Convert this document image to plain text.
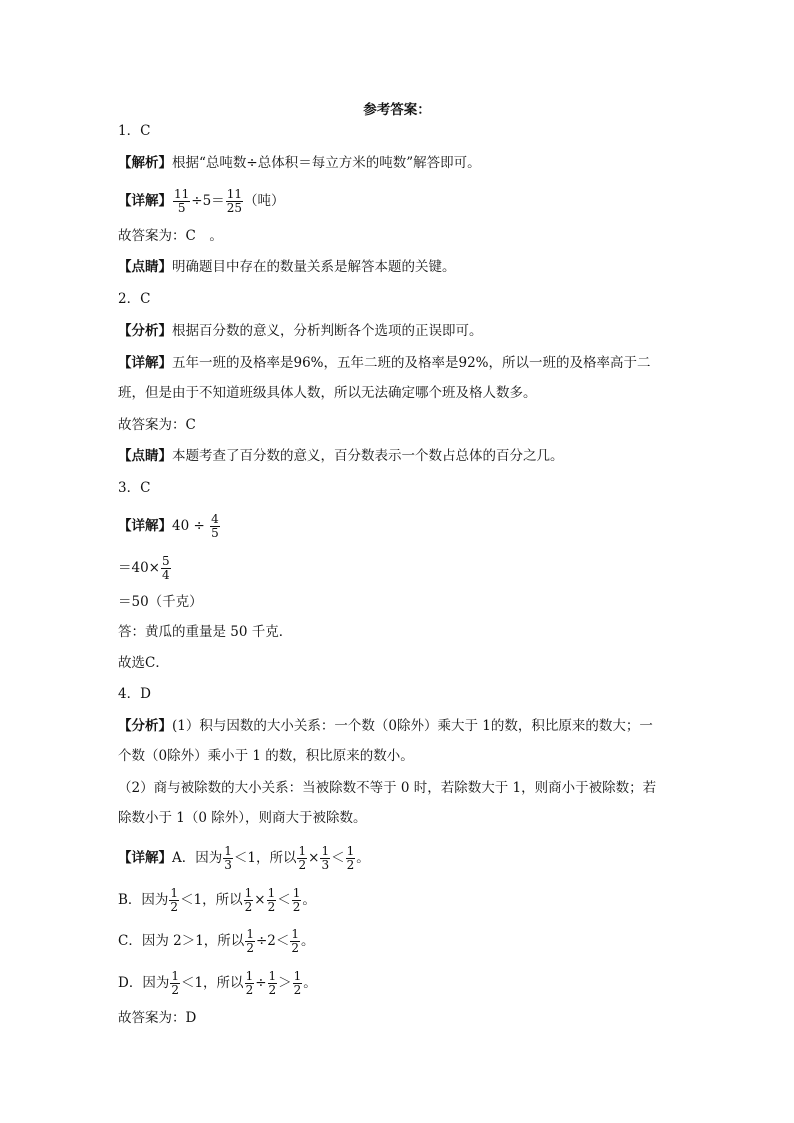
参考答案：
1．C
【解析】根据“总吨数÷总体积＝每立方米的吨数”解答即可。
【详解】 $\frac{11}{5} \div 5= \frac{11}{25}$ （吨）
故答案为：C　。
【点睛】明确题目中存在的数量关系是解答本题的关键。
2．C
【分析】根据百分数的意义，分析判断各个选项的正误即可。
【详解】五年一班的及格率是96%，五年二班的及格率是92%，所以一班的及格率高于二
班，但是由于不知道班级具体人数，所以无法确定哪个班及格人数多。
故答案为：C
【点睛】本题考查了百分数的意义，百分数表示一个数占总体的百分之几。
3．C
【详解】$40 \div \frac{4}{5}$
$=40\times \frac{5}{4}$
＝50（千克）
答：黄瓜的重量是 50 千克．
故选C．
4．D
【分析】(1）积与因数的大小关系：一个数（0除外）乘大于 1的数，积比原来的数大；一
个数（0除外）乘小于 1 的数，积比原来的数小。
（2）商与被除数的大小关系：当被除数不等于 0 时，若除数大于 1，则商小于被除数；若
除数小于 1（0 除外），则商大于被除数。
【详解】A．因为 $\frac{1}{3} <1$，所以 $\frac{1}{2} \times \frac{1}{3} < \frac{1}{2}$ 。
B．因为 $\frac{1}{2} <1$，所以 $\frac{1}{2} \times \frac{1}{2} < \frac{1}{2}$ 。
C．因为 2＞1，所以 $\frac{1}{2} \div 2< \frac{1}{2}$ 。
D．因为 $\frac{1}{2} <1$，所以 $\frac{1}{2} \div \frac{1}{2} > \frac{1}{2}$ 。
故答案为：D
